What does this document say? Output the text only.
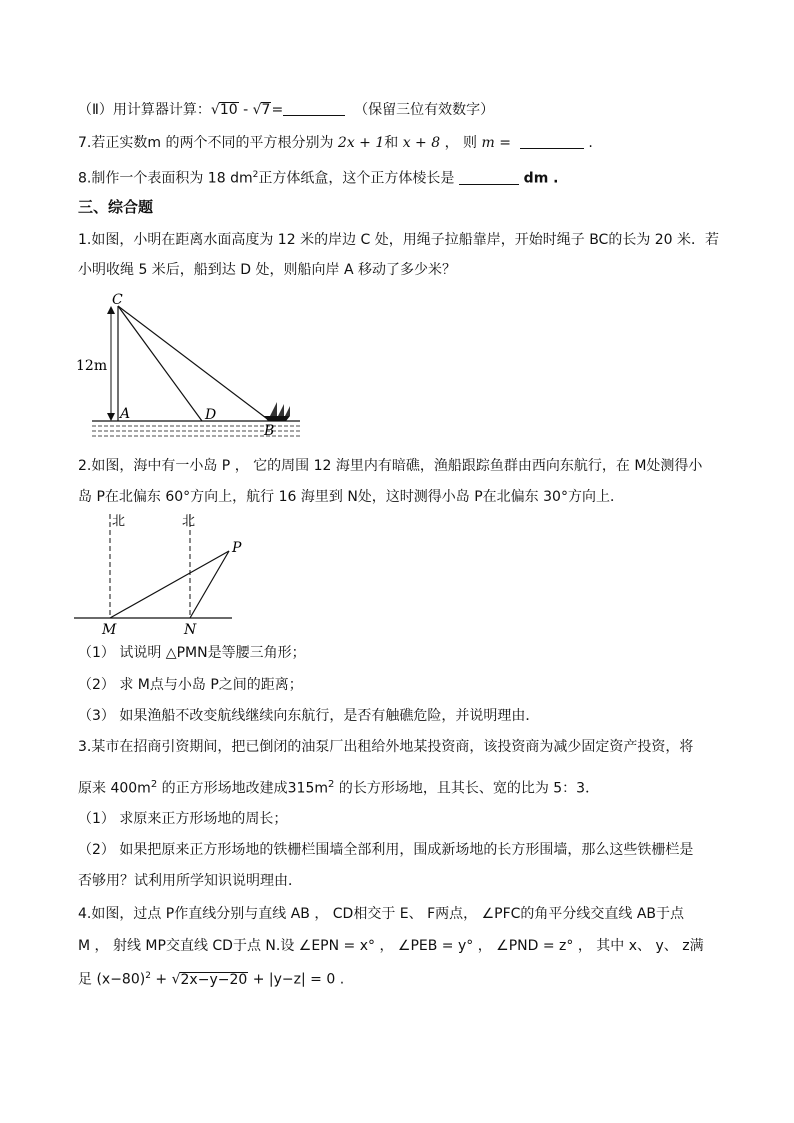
（Ⅱ）用计算器计算：√10 - √7=	（保留三位有效数字）
7.若正实数m 的两个不同的平方根分别为 2x + 1和 x + 8 ， 则 m =	.
8.制作一个表面积为 18 $dm^2$正方体纸盒，这个正方体棱长是	dm .
三、综合题
1.如图，小明在距离水面高度为 12 米的岸边 C 处，用绳子拉船靠岸，开始时绳子 BC的长为 20 米．若
小明收绳 5 米后，船到达 D 处，则船向岸 A 移动了多少米？
C
A	D
B
12m
2.如图，海中有一小岛 P ， 它的周围 12 海里内有暗礁，渔船跟踪鱼群由西向东航行，在 M处测得小
岛 P在北偏东 60°方向上，航行 16 海里到 N处，这时测得小岛 P在北偏东 30°方向上．
北	北
P
M	N
（1） 试说明 △PMN是等腰三角形；
（2） 求 M点与小岛 P之间的距离；
（3） 如果渔船不改变航线继续向东航行，是否有触礁危险，并说明理由．
3.某市在招商引资期间，把已倒闭的油泵厂出租给外地某投资商，该投资商为减少固定资产投资，将
原来 $400m^2$ 的正方形场地改建成$315m^2$ 的长方形场地，且其长、宽的比为 5：3．
（1） 求原来正方形场地的周长；
（2） 如果把原来正方形场地的铁栅栏围墙全部利用，围成新场地的长方形围墙，那么这些铁栅栏是
否够用？试利用所学知识说明理由．
4.如图，过点 P作直线分别与直线 AB ， CD相交于 E、 F两点， ∠PFC的角平分线交直线 AB于点
M ， 射线 MP交直线 CD于点 N.设 ∠EPN = x° ， ∠PEB = y° ， ∠PND = z° ， 其中 x、 y、 z满
足 $(x-80)^2 + √2x-y-20 + |y-z| = 0$ .
